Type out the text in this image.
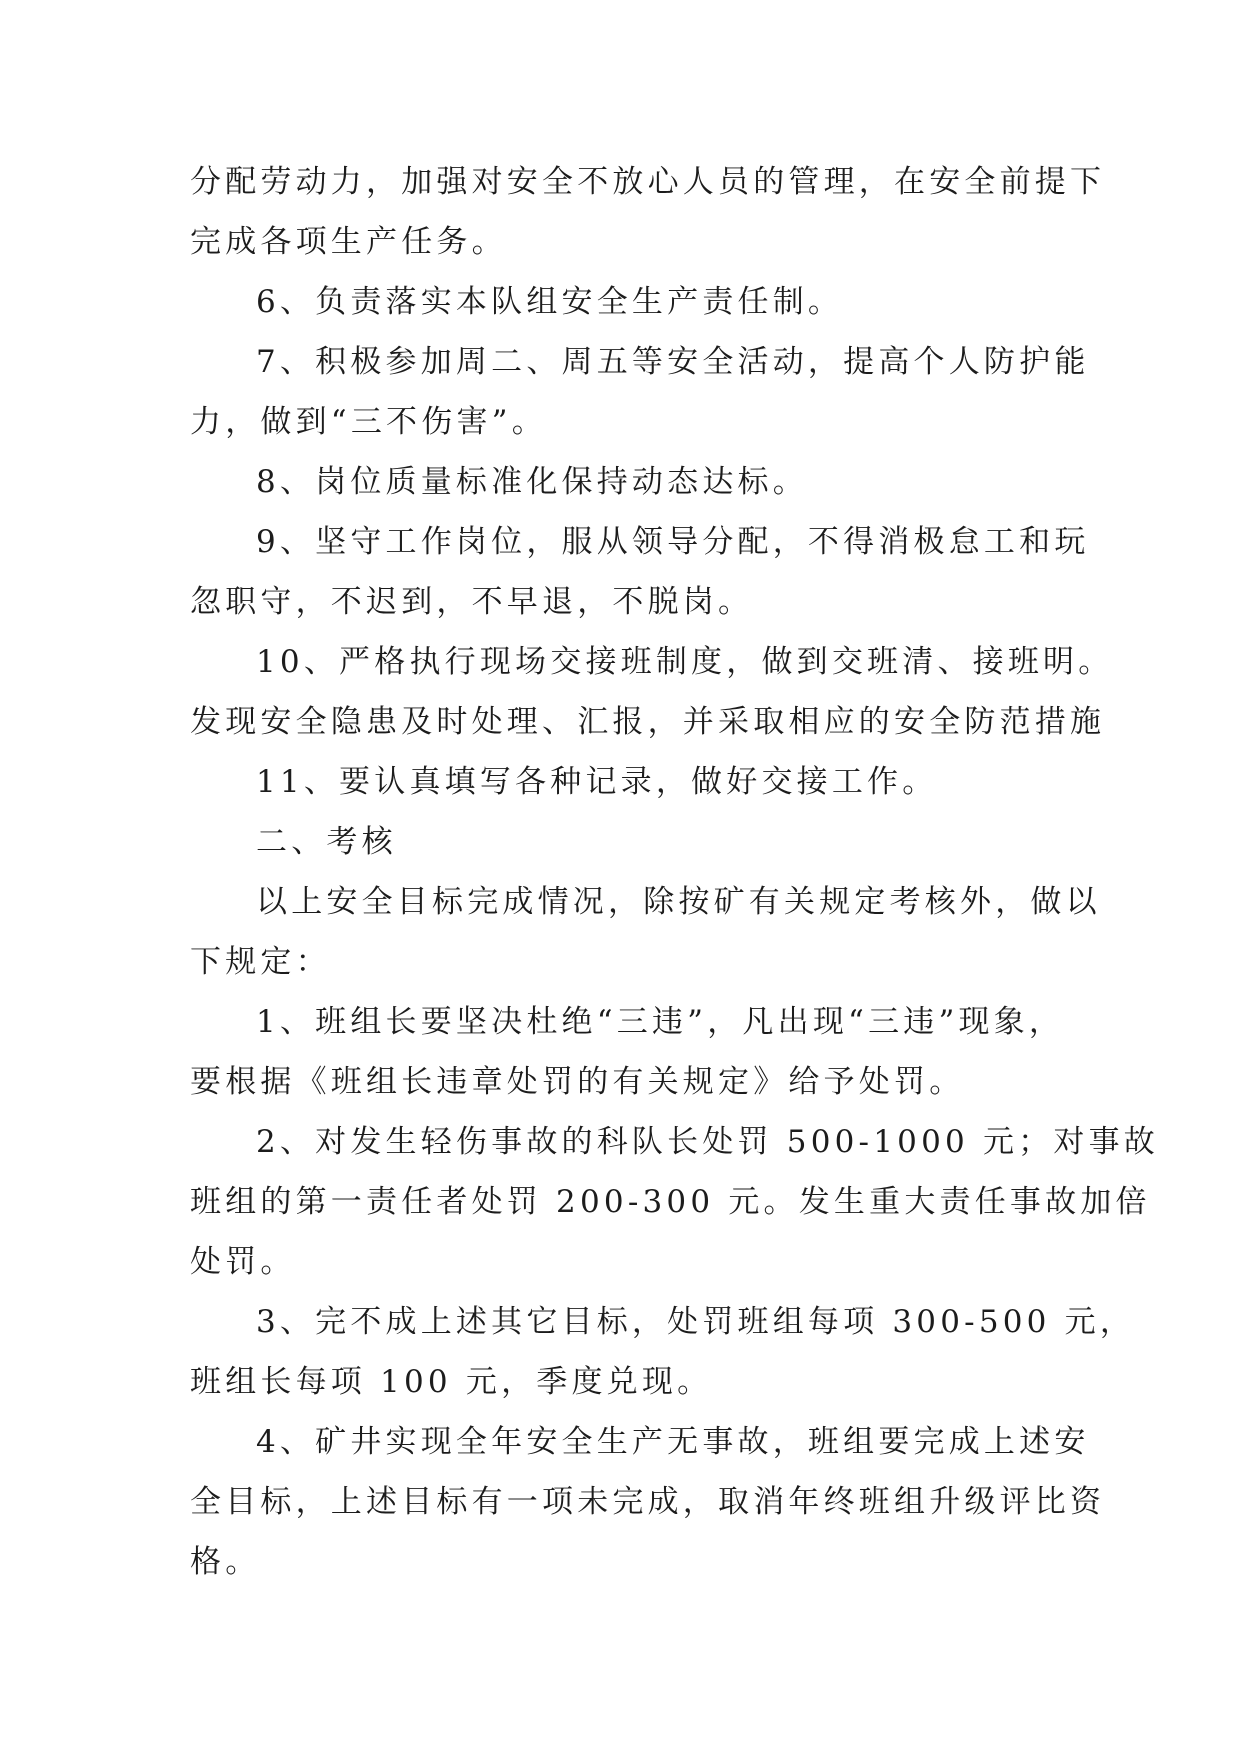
分配劳动力，加强对安全不放心人员的管理，在安全前提下
完成各项生产任务。

6、负责落实本队组安全生产责任制。

7、积极参加周二、周五等安全活动，提高个人防护能
力，做到“三不伤害”。

8、岗位质量标准化保持动态达标。

9、坚守工作岗位，服从领导分配，不得消极怠工和玩
忽职守，不迟到，不早退，不脱岗。

10、严格执行现场交接班制度，做到交班清、接班明。
发现安全隐患及时处理、汇报，并采取相应的安全防范措施

11、要认真填写各种记录，做好交接工作。

二、考核

以上安全目标完成情况，除按矿有关规定考核外，做以
下规定：

1、班组长要坚决杜绝“三违”，凡出现“三违”现象，
要根据《班组长违章处罚的有关规定》给予处罚。

2、对发生轻伤事故的科队长处罚 500-1000 元；对事故
班组的第一责任者处罚 200-300 元。发生重大责任事故加倍
处罚。

3、完不成上述其它目标，处罚班组每项 300-500 元，
班组长每项 100 元，季度兑现。

4、矿井实现全年安全生产无事故，班组要完成上述安
全目标，上述目标有一项未完成，取消年终班组升级评比资
格。
